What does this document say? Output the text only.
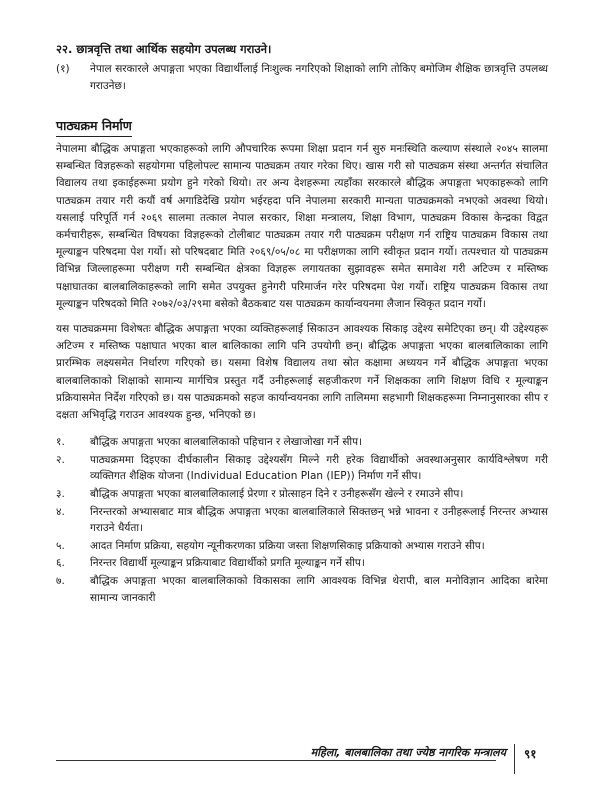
२२. छात्रवृत्ति तथा आर्थिक सहयोग उपलब्ध गराउने।
(१)	नेपाल सरकारले अपाङ्गता भएका विद्यार्थीलाई निःशुल्क नगरिएको शिक्षाको लागि तोकिए बमोजिम शैक्षिक छात्रवृत्ति उपलब्ध गराउनेछ।
पाठ्यक्रम निर्माण

नेपालमा बौद्धिक अपाङ्गता भएकाहरूको लागि औपचारिक रूपमा शिक्षा प्रदान गर्न सुरु मनःस्थिति कल्याण संस्थाले २०४५ सालमा सम्बन्धित विज्ञहरूको सहयोगमा पहिलोपल्ट सामान्य पाठ्यक्रम तयार गरेका थिए। खास गरी सो पाठ्यक्रम संस्था अन्तर्गत संचालित विद्यालय तथा इकाईहरूमा प्रयोग हुने गरेको थियो। तर अन्य देशहरूमा त्यहाँका सरकारले बौद्धिक अपाङ्गता भएकाहरूको लागि पाठ्यक्रम तयार गरी कयौं वर्ष अगाडिदेखि प्रयोग भईरहदा पनि नेपालमा सरकारी मान्यता पाठ्यक्रमको नभएको अवस्था थियो। यसलाई परिपूर्ति गर्न २०६९ सालमा तत्काल नेपाल सरकार, शिक्षा मन्त्रालय, शिक्षा विभाग, पाठ्यक्रम विकास केन्द्रका विद्वत कर्मचारीहरू, सम्बन्धित विषयका विज्ञहरूको टोलीबाट पाठ्यक्रम तयार गरी पाठ्यक्रम परीक्षण गर्न राष्ट्रिय पाठ्यक्रम विकास तथा मूल्याङ्कन परिषदमा पेश गर्यो। सो परिषदबाट मिति २०६९/०५/०८ मा परीक्षणका लागि स्वीकृत प्रदान गर्यो। तत्पश्चात यो पाठ्यक्रम विभिन्न जिल्लाहरूमा परीक्षण गरी सम्बन्धित क्षेत्रका विज्ञहरू लगायतका सुझावहरू समेत समावेश गरी अटिज्म र मस्तिष्क पक्षाघातका बालबालिकाहरूको लागि समेत उपयुक्त हुनेगरी परिमार्जन गरेर परिषदमा पेश गर्यो। राष्ट्रिय पाठ्यक्रम विकास तथा मूल्याङ्कन परिषदको मिति २०७२/०३/२९मा बसेको बैठकबाट यस पाठ्यक्रम कार्यान्वयनमा लैजान स्विकृत प्रदान गर्यो।

यस पाठ्यक्रममा विशेषतः बौद्धिक अपाङ्गता भएका व्यक्तिहरूलाई सिकाउन आवश्यक सिकाइ उद्देश्य समेटिएका छन्। यी उद्देश्यहरू अटिज्म र मस्तिष्क पक्षाघात भएका बाल बालिकाका लागि पनि उपयोगी छन्। बौद्धिक अपाङ्गता भएका बालबालिकाका लागि प्रारम्भिक लक्ष्यसमेत निर्धारण गरिएको छ। यसमा विशेष विद्यालय तथा स्रोत कक्षामा अध्ययन गर्ने बौद्धिक अपाङ्गता भएका बालबालिकाको शिक्षाको सामान्य मार्गचित्र प्रस्तुत गर्दै उनीहरूलाई सहजीकरण गर्ने शिक्षकका लागि शिक्षण विधि र मूल्याङ्कन प्रक्रियासमेत निर्देश गरिएको छ। यस पाठ्यक्रमको सहज कार्यान्वयनका लागि तालिममा सहभागी शिक्षकहरूमा निम्नानुसारका सीप र दक्षता अभिवृद्धि गराउन आवश्यक हुन्छ, भनिएको छ।

१.	बौद्धिक अपाङ्गता भएका बालबालिकाको पहिचान र लेखाजोखा गर्ने सीप।
२.	पाठ्यक्रममा दिइएका दीर्घकालीन सिकाइ उद्देश्यसँग मिल्ने गरी हरेक विद्यार्थीको अवस्थाअनुसार कार्यविश्लेषण गरी व्यक्तिगत शैक्षिक योजना (Individual Education Plan (IEP)) निर्माण गर्ने सीप।
३.	बौद्धिक अपाङ्गता भएका बालबालिकालाई प्रेरणा र प्रोत्साहन दिने र उनीहरूसँग खेल्ने र रमाउने सीप।
४.	निरन्तरको अभ्यासबाट मात्र बौद्धिक अपाङ्गता भएका बालबालिकाले सिक्तछन् भन्ने भावना र उनीहरूलाई निरन्तर अभ्यास गराउने धैर्यता।
५.	आदत निर्माण प्रक्रिया, सहयोग न्यूनीकरणका प्रक्रिया जस्ता शिक्षणसिकाइ प्रक्रियाको अभ्यास गराउने सीप।
६.	निरन्तर विद्यार्थी मूल्याङ्कन प्रक्रियाबाट विद्यार्थीको प्रगति मूल्याङ्कन गर्ने सीप।
७.	बौद्धिक अपाङ्गता भएका बालबालिकाको विकासका लागि आवश्यक विभिन्न थेरापी, बाल मनोविज्ञान आदिका बारेमा सामान्य जानकारी
महिला, बालबालिका तथा ज्येष्ठ नागरिक मन्त्रालय ९१
